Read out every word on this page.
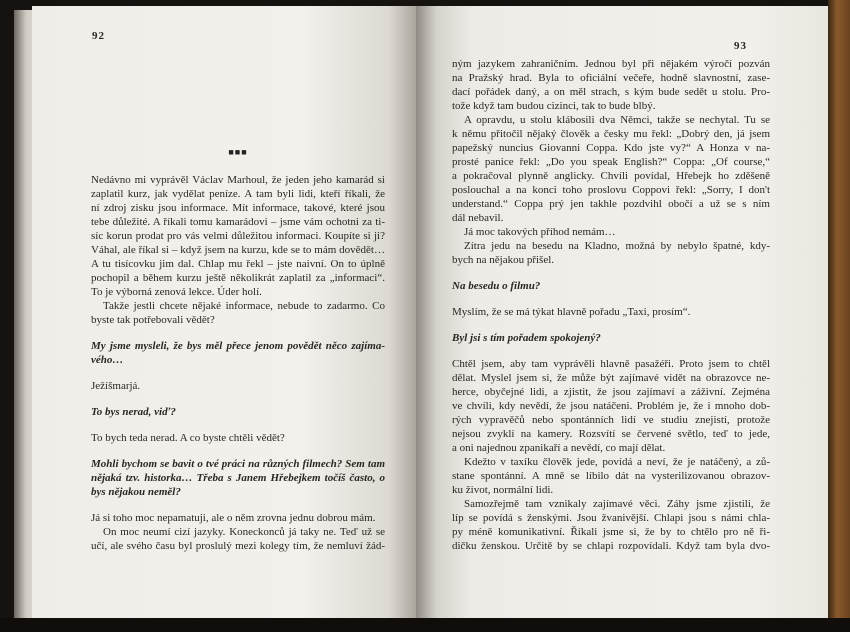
92
■■■
Nedávno mi vyprávěl Václav Marhoul, že jeden jeho kamarád si
zaplatil kurz, jak vydělat peníze. A tam byli lidi, kteří říkali, že
ní zdroj zisku jsou informace. Mít informace, takové, které jsou
tebe důležité. A říkali tomu kamarádovi – jsme vám ochotni za ti-
síc korun prodat pro vás velmi důležitou informaci. Koupíte si ji?
Váhal, ale říkal si – když jsem na kurzu, kde se to mám dovědět…
A tu tisícovku jim dal. Chlap mu řekl – jste naivní. On to úplně
pochopil a během kurzu ještě několikrát zaplatil za „informaci“.
To je výborná zenová lekce. Úder holí.
Takže jestli chcete nějaké informace, nebude to zadarmo. Co
byste tak potřebovali vědět?
My jsme mysleli, že bys měl přece jenom povědět něco zajíma-
vého…
Ježíšmarjá.
To bys nerad, viď?
To bych teda nerad. A co byste chtěli vědět?
Mohli bychom se bavit o tvé práci na různých filmech? Sem tam
nějaká tzv. historka… Třeba s Janem Hřebejkem točíš často, o
bys nějakou neměl?
Já si toho moc nepamatuji, ale o něm zrovna jednu dobrou mám.
On moc neumí cizí jazyky. Koneckonců já taky ne. Teď už se
učí, ale svého času byl proslulý mezi kolegy tím, že nemluví žád-
93
ným jazykem zahraničním. Jednou byl při nějakém výročí pozván
na Pražský hrad. Byla to oficiální večeře, hodně slavnostní, zase-
dací pořádek daný, a on měl strach, s kým bude sedět u stolu. Pro-
tože když tam budou cizinci, tak to bude blbý.
A opravdu, u stolu klábosili dva Němci, takže se nechytal. Tu se
k němu přitočil nějaký člověk a česky mu řekl: „Dobrý den, já jsem
papežský nuncius Giovanni Coppa. Kdo jste vy?“ A Honza v na-
prosté panice řekl: „Do you speak English?“ Coppa: „Of course,“
a pokračoval plynně anglicky. Chvíli povídal, Hřebejk ho zděšeně
poslouchal a na konci toho proslovu Coppovi řekl: „Sorry, I don't
understand.“ Coppa prý jen takhle pozdvihl obočí a už se s ním
dál nebavil.
Já moc takových příhod nemám…
Zítra jedu na besedu na Kladno, možná by nebylo špatné, kdy-
bych na nějakou přišel.
Na besedu o filmu?
Myslím, že se má týkat hlavně pořadu „Taxi, prosím“.
Byl jsi s tím pořadem spokojený?
Chtěl jsem, aby tam vyprávěli hlavně pasažéři. Proto jsem to chtěl
dělat. Myslel jsem si, že může být zajímavé vidět na obrazovce ne-
herce, obyčejné lidi, a zjistit, že jsou zajímaví a záživní. Zejména
ve chvíli, kdy nevědí, že jsou natáčeni. Problém je, že i mnoho dob-
rých vypravěčů nebo spontánních lidí ve studiu znejistí, protože
nejsou zvyklí na kamery. Rozsvítí se červené světlo, teď to jede,
a oni najednou zpanikaří a nevědí, co mají dělat.
Kdežto v taxíku člověk jede, povídá a neví, že je natáčený, a zů-
stane spontánní. A mně se líbilo dát na vysterilizovanou obrazov-
ku život, normální lidi.
Samozřejmě tam vznikaly zajímavé věci. Záhy jsme zjistili, že
líp se povídá s ženskými. Jsou žvanivější. Chlapi jsou s námi chla-
py méně komunikativní. Říkali jsme si, že by to chtělo pro ně ři-
dičku ženskou. Určitě by se chlapi rozpovídali. Když tam byla dvo-
